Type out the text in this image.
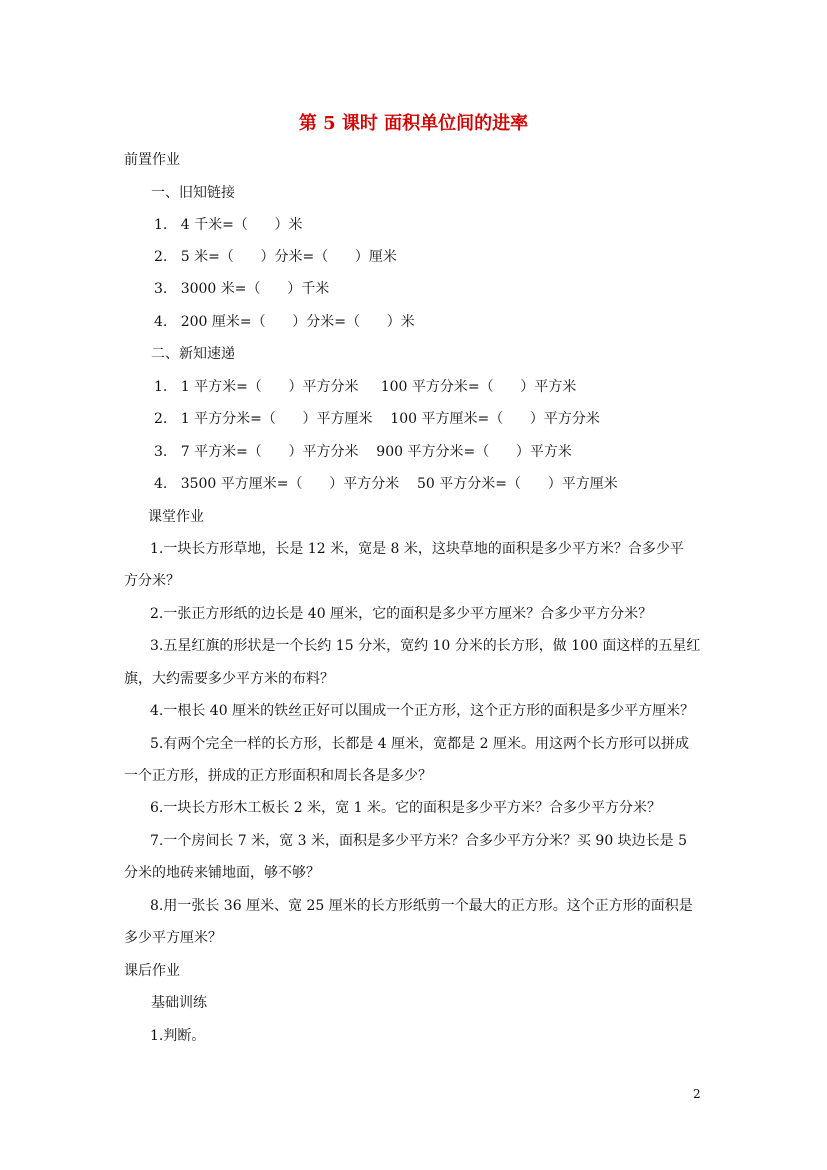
第 5 课时 面积单位间的进率
前置作业
一、旧知链接
1.   4 千米=（      ）米
2.   5 米=（      ）分米=（      ）厘米
3.   3000 米=（      ）千米
4.   200 厘米=（      ）分米=（      ）米
二、新知速递
1.   1 平方米=（      ）平方分米     100 平方分米=（      ）平方米
2.   1 平方分米=（      ）平方厘米    100 平方厘米=（      ）平方分米
3.   7 平方米=（      ）平方分米    900 平方分米=（      ）平方米
4.   3500 平方厘米=（      ）平方分米    50 平方分米=（      ）平方厘米
课堂作业
1.一块长方形草地，长是 12 米，宽是 8 米，这块草地的面积是多少平方米？合多少平
方分米？
2.一张正方形纸的边长是 40 厘米，它的面积是多少平方厘米？合多少平方分米？
3.五星红旗的形状是一个长约 15 分米，宽约 10 分米的长方形，做 100 面这样的五星红
旗，大约需要多少平方米的布料？
4.一根长 40 厘米的铁丝正好可以围成一个正方形，这个正方形的面积是多少平方厘米？
5.有两个完全一样的长方形，长都是 4 厘米，宽都是 2 厘米。用这两个长方形可以拼成
一个正方形，拼成的正方形面积和周长各是多少？
6.一块长方形木工板长 2 米，宽 1 米。它的面积是多少平方米？合多少平方分米？
7.一个房间长 7 米，宽 3 米，面积是多少平方米？合多少平方分米？买 90 块边长是 5
分米的地砖来铺地面，够不够？
8.用一张长 36 厘米、宽 25 厘米的长方形纸剪一个最大的正方形。这个正方形的面积是
多少平方厘米？
课后作业
基础训练
1.判断。
2
